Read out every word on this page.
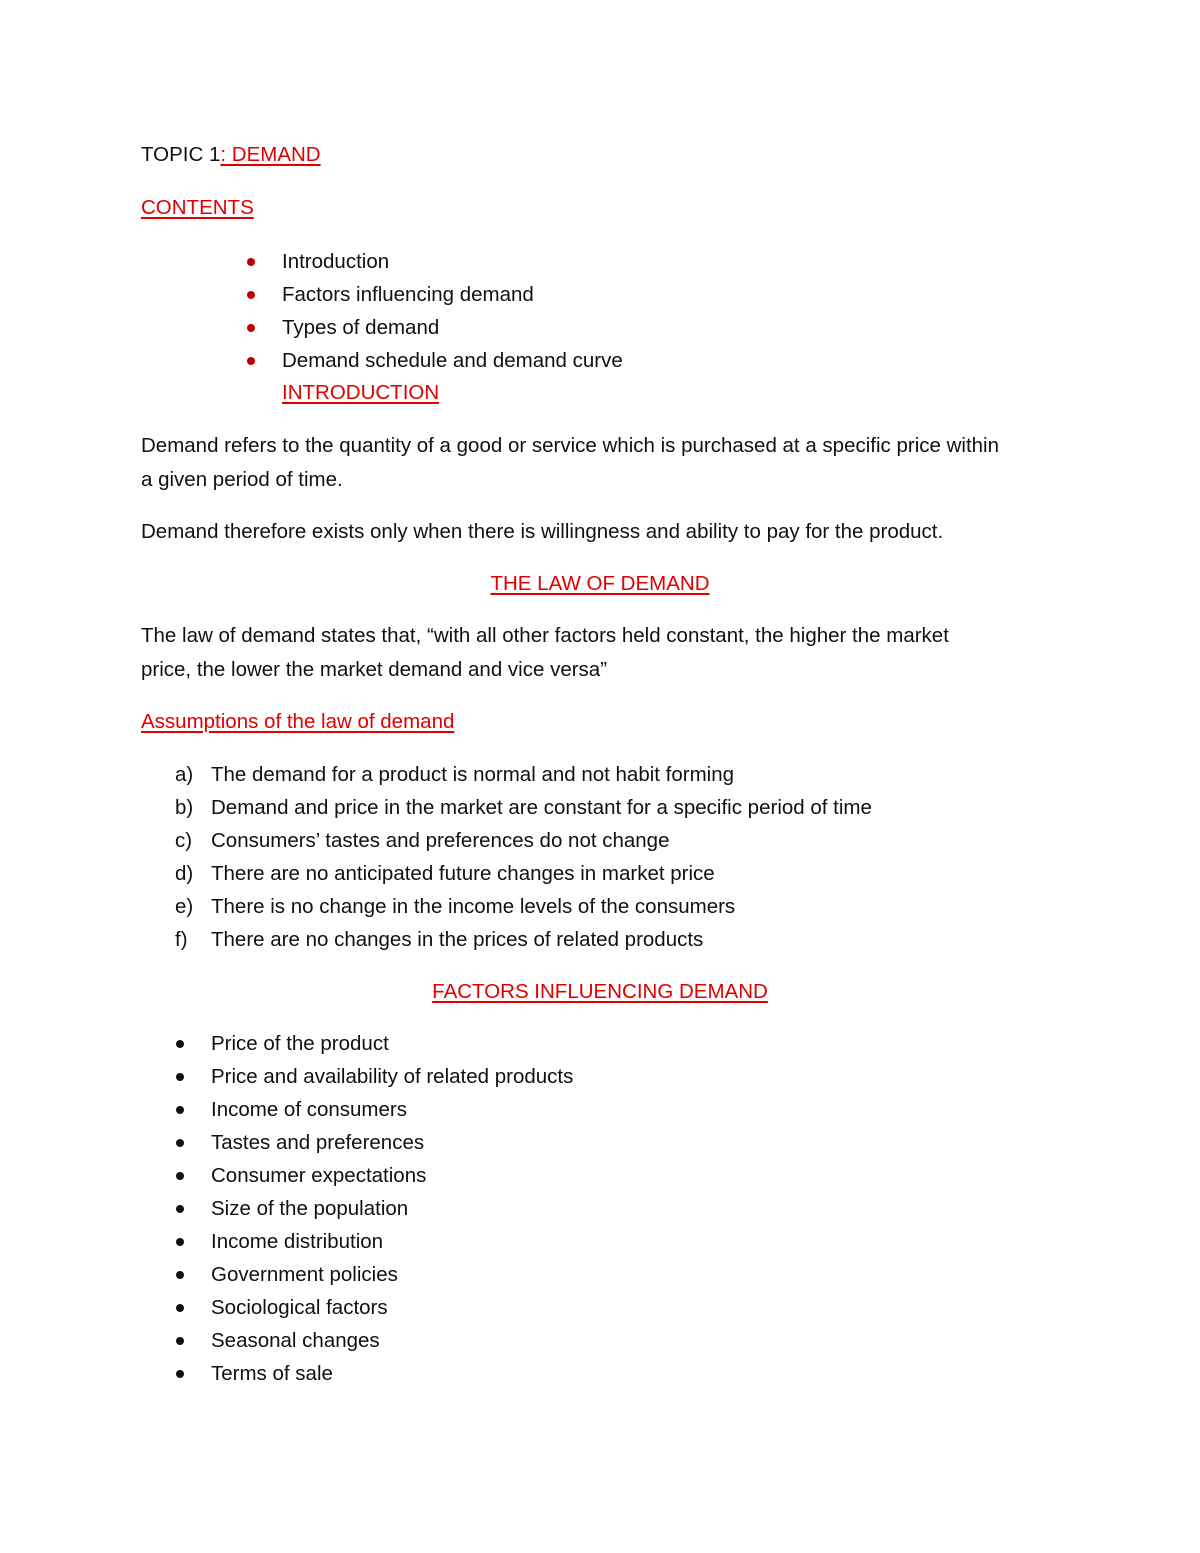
TOPIC 1: DEMAND
CONTENTS
Introduction
Factors influencing demand
Types of demand
Demand schedule and demand curve
INTRODUCTION
Demand refers to the quantity of a good or service which is purchased at a specific price within
a given period of time.
Demand therefore exists only when there is willingness and ability to pay for the product.
THE LAW OF DEMAND
The law of demand states that, “with all other factors held constant, the higher the market
price, the lower the market demand and vice versa”
Assumptions of the law of demand
a) The demand for a product is normal and not habit forming
b) Demand and price in the market are constant for a specific period of time
c) Consumers’ tastes and preferences do not change
d) There are no anticipated future changes in market price
e) There is no change in the income levels of the consumers
f)	There are no changes in the prices of related products
FACTORS INFLUENCING DEMAND
Price of the product
Price and availability of related products
Income of consumers
Tastes and preferences
Consumer expectations
Size of the population
Income distribution
Government policies
Sociological factors
Seasonal changes
Terms of sale
